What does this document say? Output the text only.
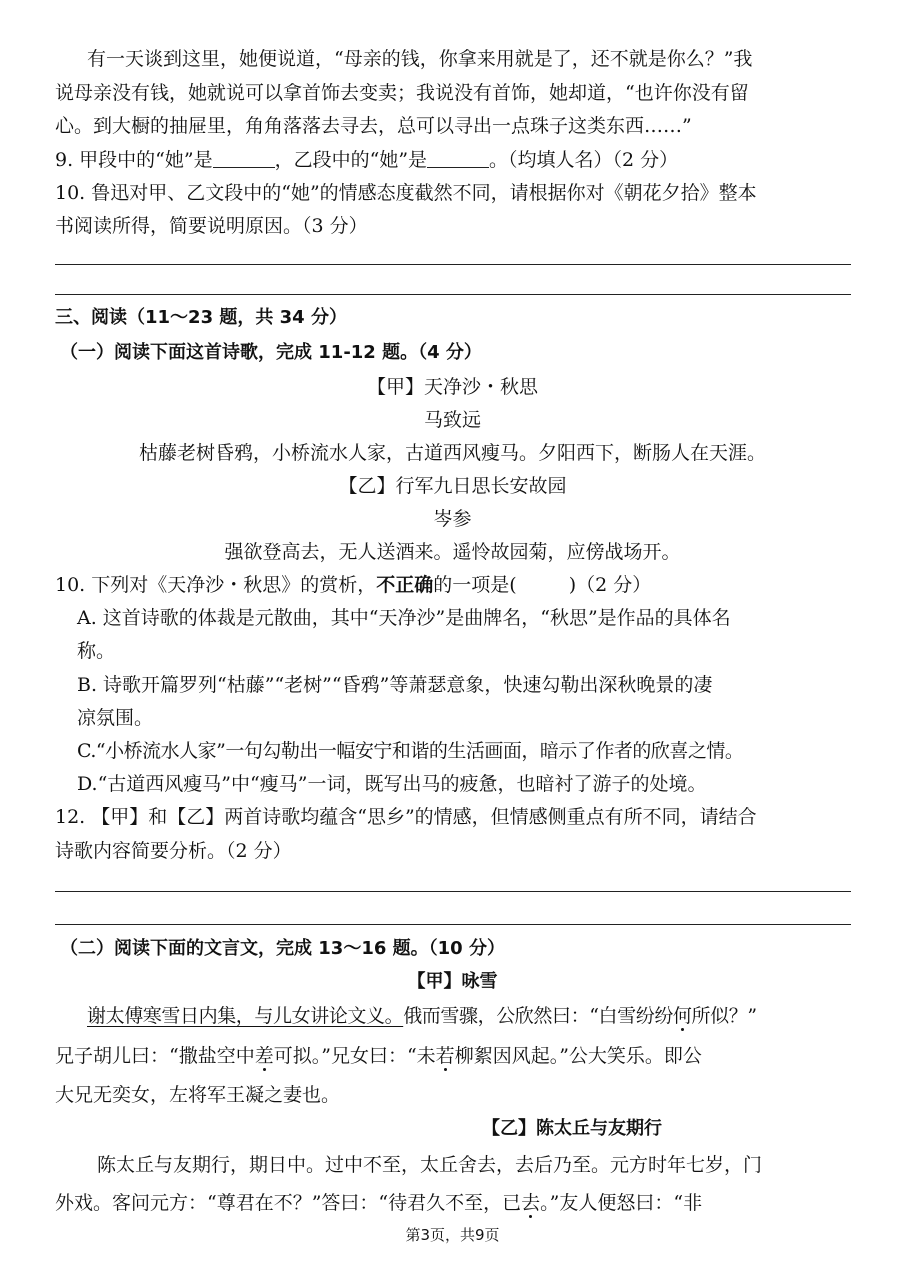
有一天谈到这里，她便说道，“母亲的钱，你拿来用就是了，还不就是你么？”我
说母亲没有钱，她就说可以拿首饰去变卖；我说没有首饰，她却道，“也许你没有留
心。到大橱的抽屉里，角角落落去寻去，总可以寻出一点珠子这类东西……”
9. 甲段中的“她”是	，乙段中的“她”是	。（均填人名）（2 分）
10. 鲁迅对甲、乙文段中的“她”的情感态度截然不同，请根据你对《朝花夕拾》整本
书阅读所得，简要说明原因。（3 分）
三、阅读（11～23 题，共 34 分）
（一）阅读下面这首诗歌，完成 11-12 题。（4 分）
【甲】天净沙・秋思
马致远
枯藤老树昏鸦，小桥流水人家，古道西风瘦马。夕阳西下，断肠人在天涯。
【乙】行军九日思长安故园
岑参
强欲登高去，无人送酒来。遥怜故园菊，应傍战场开。
10. 下列对《天净沙・秋思》的赏析，不正确的一项是(	)（2 分）
A. 这首诗歌的体裁是元散曲，其中“天净沙”是曲牌名，“秋思”是作品的具体名
称。
B. 诗歌开篇罗列“枯藤”“老树”“昏鸦”等萧瑟意象，快速勾勒出深秋晚景的凄
凉氛围。
C.“小桥流水人家”一句勾勒出一幅安宁和谐的生活画面，暗示了作者的欣喜之情。
D.“古道西风瘦马”中“瘦马”一词，既写出马的疲惫，也暗衬了游子的处境。
12. 【甲】和【乙】两首诗歌均蕴含“思乡”的情感，但情感侧重点有所不同，请结合
诗歌内容简要分析。（2 分）
（二）阅读下面的文言文，完成 13～16 题。（10 分）
【甲】咏雪
谢太傅寒雪日内集，与儿女讲论文义。俄而雪骤，公欣然曰：“白雪纷纷何所似？”
兄子胡儿曰：“撒盐空中差可拟。”兄女曰：“未若柳絮因风起。”公大笑乐。即公
大兄无奕女，左将军王凝之妻也。
【乙】陈太丘与友期行
陈太丘与友期行，期日中。过中不至，太丘舍去，去后乃至。元方时年七岁，门
外戏。客问元方：“尊君在不？”答曰：“待君久不至，已去。”友人便怒曰：“非
第3页，共9页
